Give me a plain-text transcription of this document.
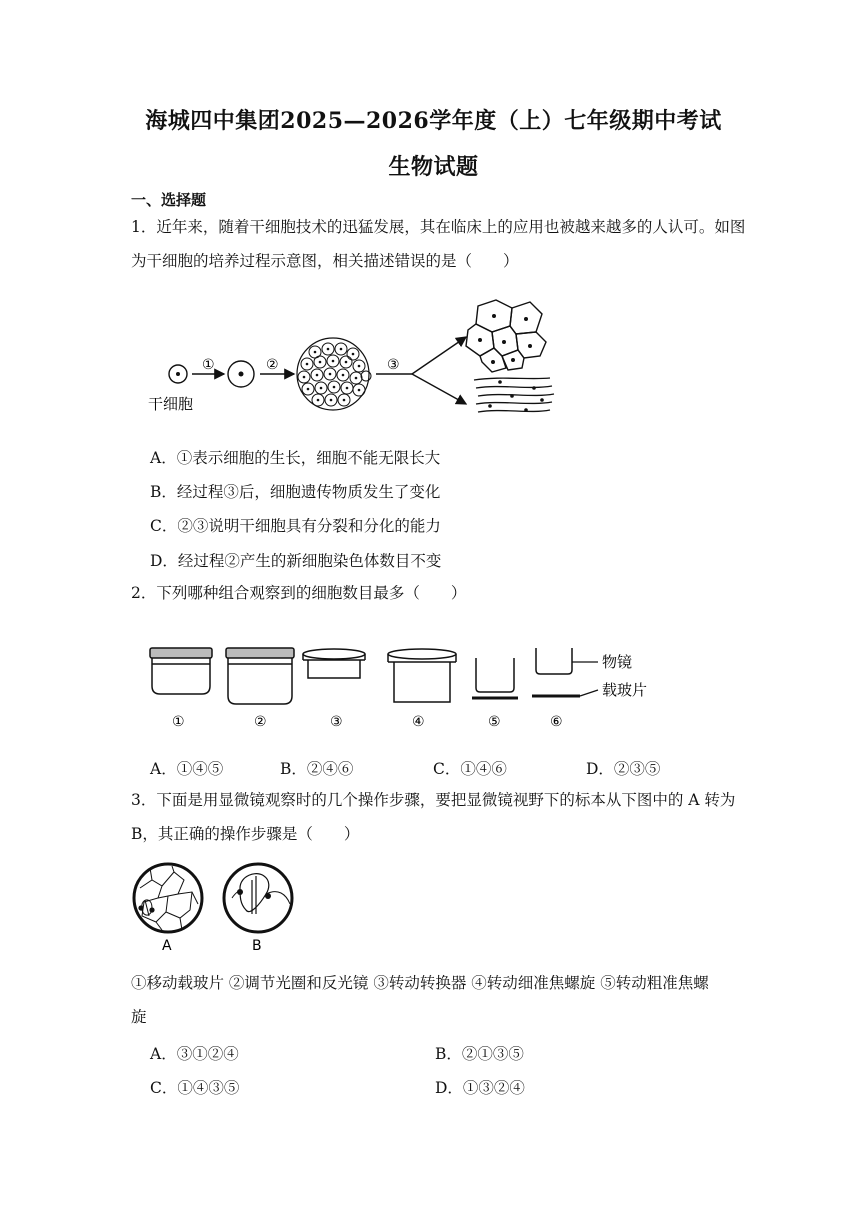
海城四中集团2025—2026学年度（上）七年级期中考试
生物试题
一、选择题
1．近年来，随着干细胞技术的迅猛发展，其在临床上的应用也被越来越多的人认可。如图
为干细胞的培养过程示意图，相关描述错误的是（　　）
干细胞
①	②	③
A．①表示细胞的生长，细胞不能无限长大
B．经过程③后，细胞遗传物质发生了变化
C．②③说明干细胞具有分裂和分化的能力
D．经过程②产生的新细胞染色体数目不变
2．下列哪种组合观察到的细胞数目最多（　　）
①	②	③	④	⑤
物镜
载玻片
⑥
A．①④⑤	B．②④⑥	C．①④⑥	D．②③⑤
3．下面是用显微镜观察时的几个操作步骤，要把显微镜视野下的标本从下图中的 A 转为
B，其正确的操作步骤是（　　）
A	B
①移动载玻片 ②调节光圈和反光镜 ③转动转换器 ④转动细准焦螺旋 ⑤转动粗准焦螺
旋
A．③①②④	B．②①③⑤
C．①④③⑤	D．①③②④
